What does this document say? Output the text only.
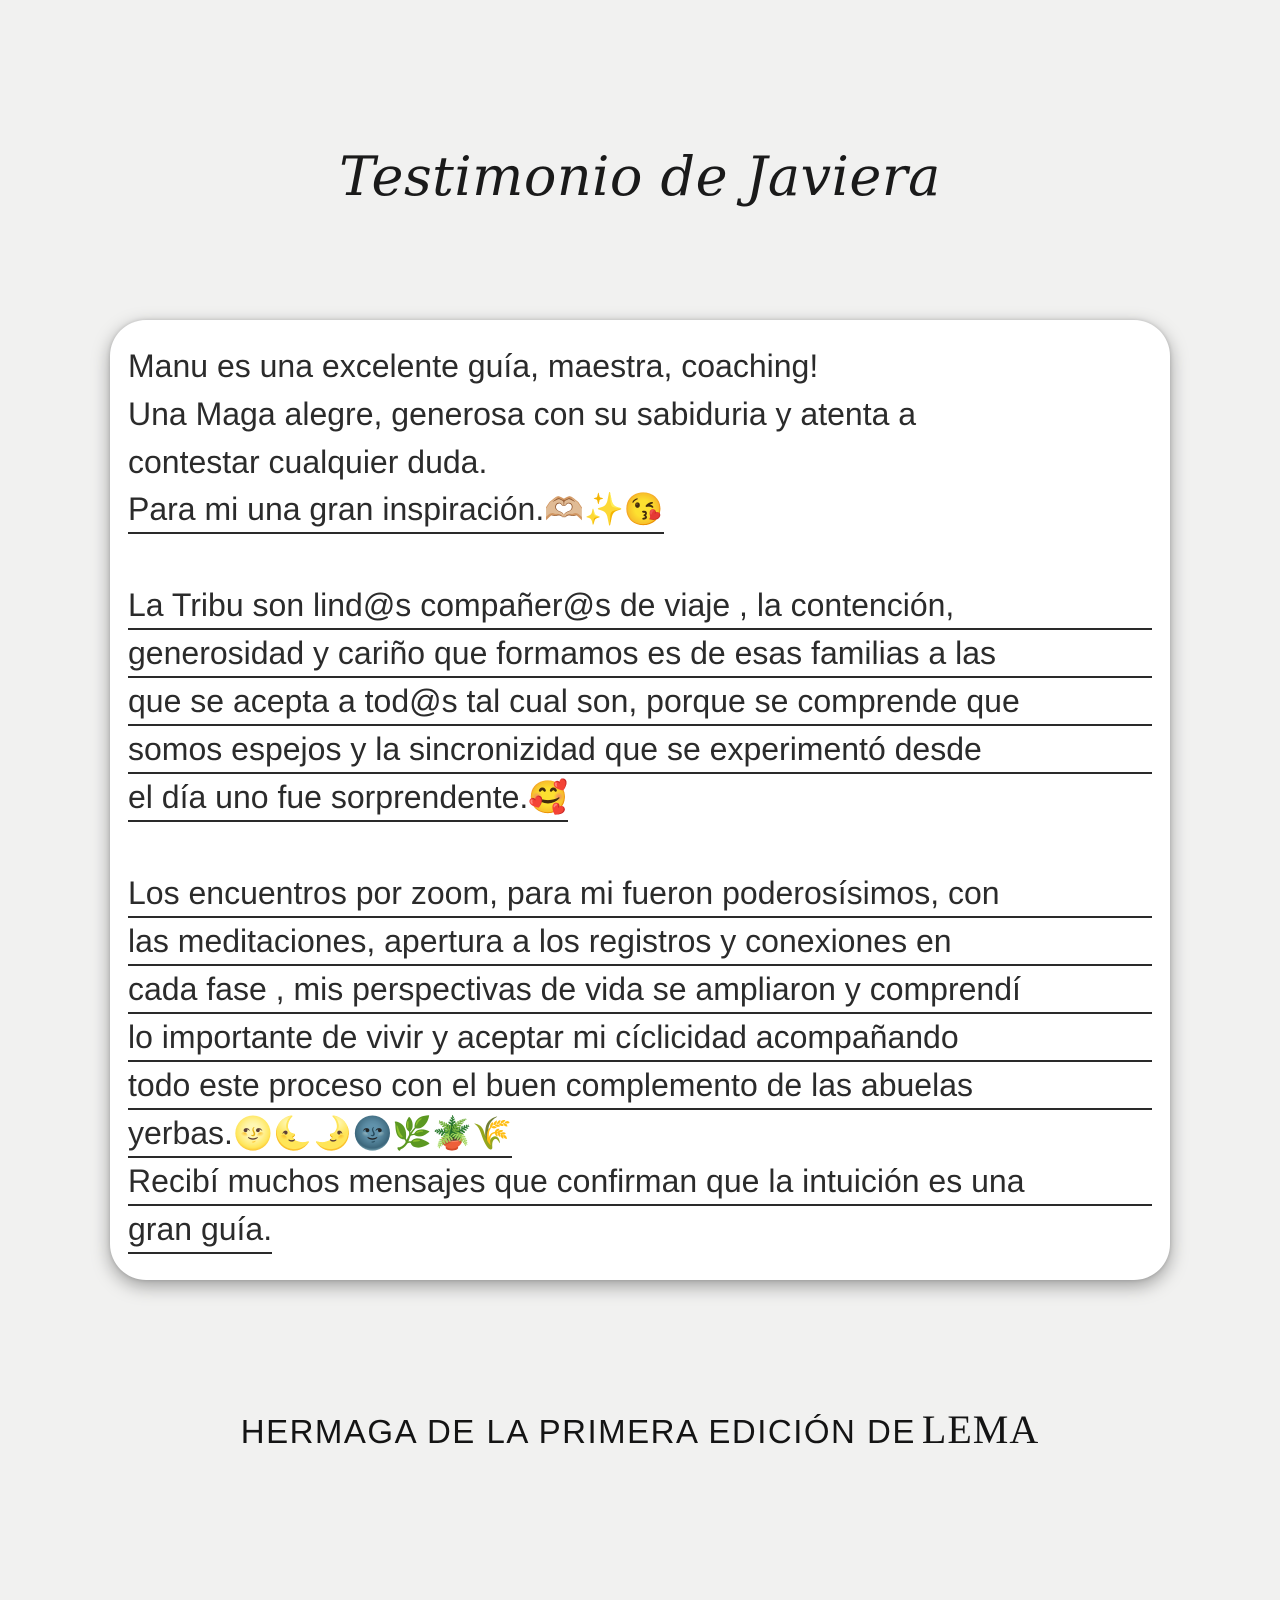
Testimonio de Javiera
Manu es una excelente guía, maestra, coaching!
Una Maga alegre, generosa con su sabiduria y atenta a
contestar cualquier duda.
Para mi una gran inspiración.🫶🏼✨😘
La Tribu son lind@s compañer@s de viaje , la contención,
generosidad y cariño que formamos es de esas familias a las
que se acepta a tod@s tal cual son, porque se comprende que
somos espejos y la sincronizidad que se experimentó desde
el día uno fue sorprendente.🥰
Los encuentros por zoom, para mi fueron poderosísimos, con
las meditaciones, apertura a los registros y conexiones en
cada fase , mis perspectivas de vida se ampliaron y comprendí
lo importante de vivir y aceptar mi cíclicidad acompañando
todo este proceso con el buen complemento de las abuelas
yerbas.🌝🌜🌛🌚🌿🪴🌾
Recibí muchos mensajes que confirman que la intuición es una
gran guía.
HERMAGA DE LA PRIMERA EDICIÓN DE LEMA
